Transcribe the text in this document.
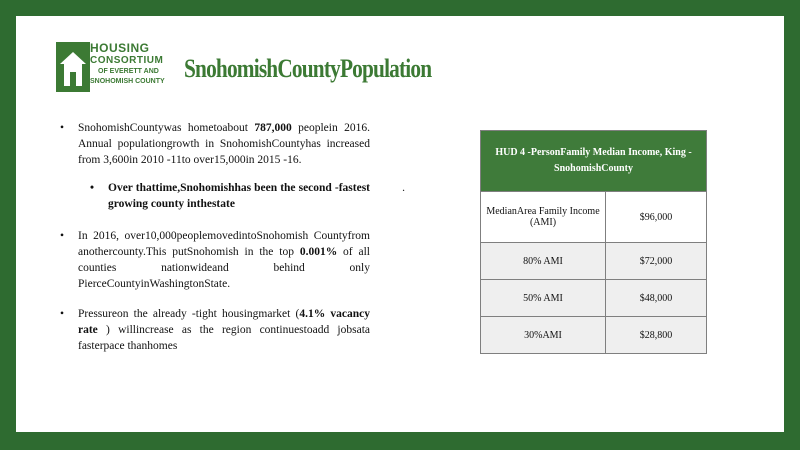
HOUSING
CONSORTIUM
OF EVERETT AND
SNOHOMISH COUNTY SnohomishCountyPopulation
• SnohomishCountywas hometoabout 787,000 peoplein 2016. Annual populationgrowth in SnohomishCountyhas increased from 3,600in 2010 -11to over15,000in 2015 -16.
• Over thattime,Snohomishhas been the second -fastest growing county inthestate
.
• In 2016, over10,000peoplemovedintoSnohomish Countyfrom anothercounty.This putSnohomish in the top 0.001% of all counties nationwideand behind only PierceCountyinWashingtonState.
• Pressureon the already -tight housingmarket (4.1% vacancy rate ) willincrease as the region continuestoadd jobsata fasterpace thanhomes
HUD 4 -PersonFamily Median Income, King -SnohomishCounty	
MedianArea Family Income (AMI)	$96,000
80% AMI	$72,000
50% AMI	$48,000
30%AMI	$28,800
